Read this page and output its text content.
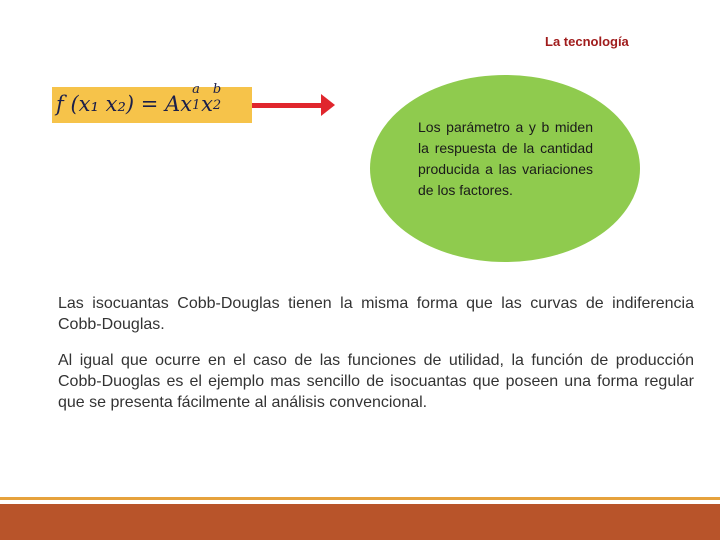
La tecnología
f (x₁ x₂) = Ax
a
1 x
b
2

Los parámetro a y b miden la respuesta de la cantidad producida a las variaciones de los factores.
Las isocuantas Cobb-Douglas tienen la misma forma que las curvas de indiferencia Cobb-Douglas.
Al igual que ocurre en el caso de las funciones de utilidad, la función de producción Cobb-Duoglas es el ejemplo mas sencillo de isocuantas que poseen una forma regular que se presenta fácilmente al análisis convencional.
